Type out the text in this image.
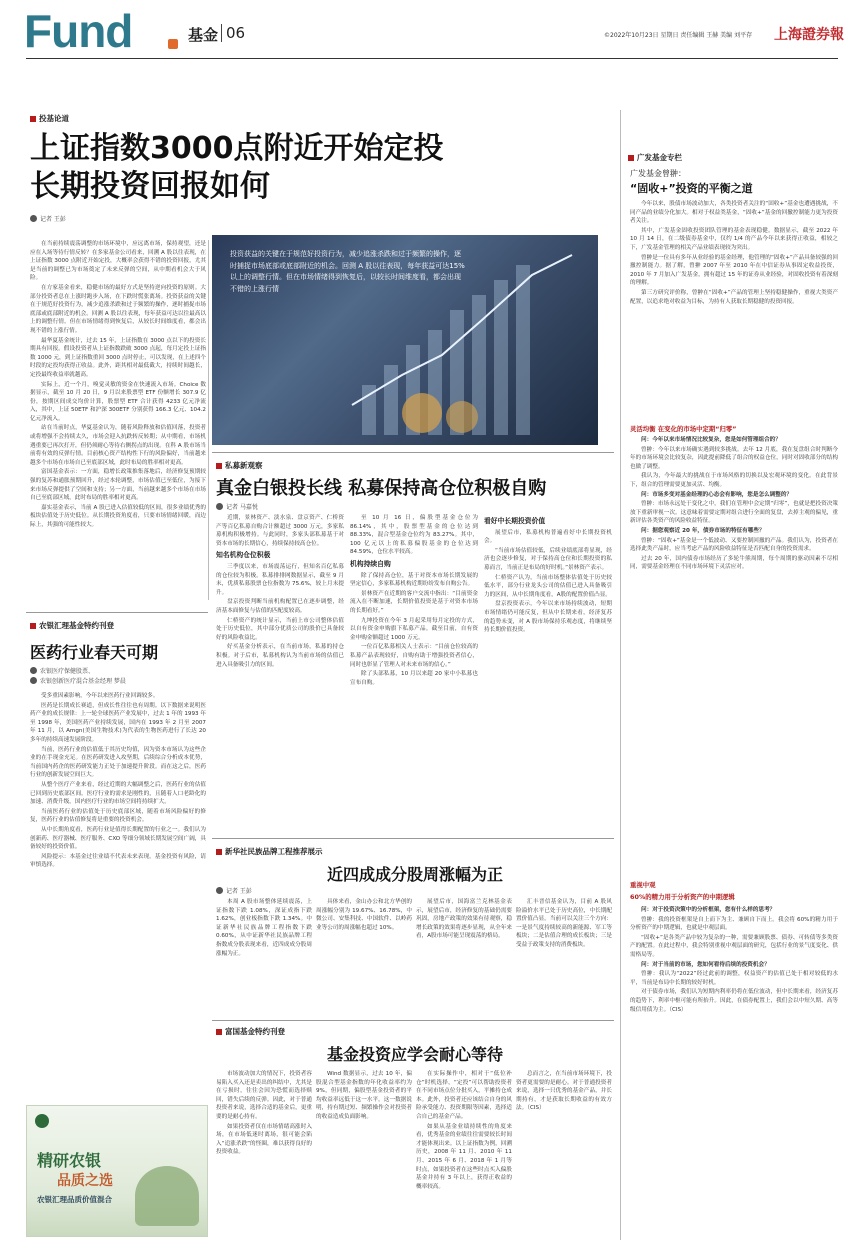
Fund	基金 06	©2022年10月23日 星期日 责任编辑 王赫 美编 刘平存 上海證券報
投基论道
上证指数3000点附近开始定投
长期投资回报如何
记者 王彭
投资获益的关键在于规范好投资行为，减少追涨杀跌和过于频繁的操作，逐时捕捉市场底部或底部附近的机会。回测 A 股以往表现，每年获益可达15%以上的调整行情。但在市场情绪得到恢复后，以较长时间维度看，都会出现不错的上涨行情

在当前持续震荡调整的市场环境中，应远离市场，保持观望，还是应在入场等待行情反转？在多家基金公司看来，回溯 A 股以往表现，在上证指数 3000 点附近开始定投，大概率会获得不错的投资回报，尤其是当前的调整已为市场奠定了未来反弹的空间，从中期看机会大于风险。

在方家基金看来，稳健市场的最好方式是坚持逆向投资的原则。大部分投资者总在上涨时跑步入场，在下跌时慌张离场。投资获益的关键在于规范好投资行为，减少追涨杀跌和过于频繁的操作，逐时捕捉市场底部或底部附近的机会。回测 A 股以往表现，每年获益可达以往最高以上的调整行情。但在市场情绪得到恢复后，从较长时间维度看，都会出现不错的上涨行情。

最华夏基金统计，过去 15 年，上证指数在 3000 点以下的投资长期具有回报。假设投资者从上证指数跌破 3000 点起，每月定投上证指数 1000 元，到上证指数重回 3000 点时停止，可以发现，在上述四个时段的定投均获得正收益。此外，距其相对最低截大，持续时间越长，定投最终收益率就越高。

实际上，近一个月，嗅觉灵敏的资金在快速流入市场。Choice 数据显示，截至 10 月 20 日，9 月以来股票型 ETF 份额增长 307.9 亿份，按期区间成交均价计算，股票型 ETF 合计获得 4233 亿元净流入，其中，上证 50ETF 和沪深 300ETF 分别获得 166.3 亿元、104.2 亿元净流入。

站在当前时点，华夏基金认为，随着风险释放和估值回落，投资者或将增强不会持续太久，市场会迎入抗跌转反转期；从中期看，市场机遇重要已再次打开，但仍须耐心等待右侧拐点的出现。在科 A 股市场当前将有效的反弹行情。目前核心资产结构性下行的风险偏好，当前越来越多个市场在市场自已至底部区域，此时布局的胜率相对更高。

富国基金表示：一方面，稳增长政策推集落地后，经济修复预期较强的复苏和通胀预期回升，经过本轮调整，市场估值已至低位，为接下来市场反弹提供了空间和支持；另一方面，当前越来越多个市场在市场自已至底部区域，此时布局的胜率相对更高。

嘉实基金表示，当前 A 股已进入估值较低的区间，很多业绩优秀的板块估值处于历史低位。从长期投资角度看，只要市场情绪回暖，而边际上，其强的可能性较大。

私募新观察
真金白银投长线 私募保持高仓位积极自购
记者 马嘉悦

近期，景林资产、淡水泉、盘京资产、仁桥资产等百亿私募自购合计额超过 3000 万元，多家私募机构积极增持。与此同时，多家头部私募基于对资本市场的长期信心，持续保持较高仓位。

知名机构仓位积极

三季度以来，市场震荡运行，但知名百亿私募的仓位较为积极。私募排排网数据显示，截至 9 月末，优质私募股票仓位指数为 75.6%，较上月末提升。

盘京投资判断当前机构配置已在逐步调整，经济基本面修复与估值的匹配度较高。

仁桥资产的统计显示，当前上市公司整体估值处于历史低位，其中部分优质公司的股价已具备较好的风险收益比。

好买基金分析表示，在当前市场，私募的持仓积极。对于后市，私募机构认为当前市场的估值已进入具备吸引力的区间。

至 10 月 16 日，偏股型基金仓位为 86.14%，其中，股票型基金的仓位达到 88.33%，混合型基金仓位约为 83.27%。其中，100 亿元以上的私募偏股基金的仓位达到 84.59%，仓位水平较高。

机构持续自购

除了保持高仓位，基于对资本市场长期发展的坚定信心，多家私募机构近期纷纷发布自购公告。

景林资产在近期的客户交流中指出：“目前资金流入在不断加速，长期价值投资是基于对资本市场的长期看好。”

九坤投资在今年 3 月起采用每月定投的方式，以自有资金申购旗下私募产品。截至目前，自有资金申购金额超过 1000 万元。

一位百亿私募相关人士表示：“目前仓位较高的私募产品表现较好，自购有助于增强投资者信心，同时也彰显了管理人对未来市场的信心。”

除了头部私募，10 月以来超 20 家中小私募也宣布自购。

看好中长期投资价值

展望后市，私募机构普遍看好中长期投资机会。

“当前市场估值较低，后续业绩底部将显现，经济也会逐步修复，对于保持高仓位和长期投资的私募而言，当前正是布局的好时机。”景林资产表示。

仁桥资产认为，当前市场整体估值处于历史较低水平，部分行业龙头公司的估值已进入具备吸引力的区间，从中长期角度看，A股的配置价值凸显。

盘京投资表示，今年以来市场持续波动，短期市场情绪仍可能反复，但从中长期来看，经济复苏的趋势未变，对 A 股市场保持乐观态度，将继续坚持长期价值投资。

农银汇理基金特约刊登
医药行业春天可期
农银医疗保健股票、
农银创新医疗混合基金经理 梦晨

受多重因素影响，今年以来医药行业回调较多。

医药是长期成长赛道，但成长性往往也有周期。以下数据来说明医药产业的成长规律：上一轮全球医药产业发展中，过去 1 年的 1993 年至 1998 年，美国医药产业持续发展，国内在 1993 年 2 月至 2007 年 11 月，以 Amgn(美国生物技术)为代表的生物医药进行了长达 20 多年的持续高速发展阶段。

当前，医药行业的估值低于其历史均值，因为资本市场认为这些企业的在手现金充足。在医药研发进入攻坚期，后续综合分析成本优势，当前国内药企的医药研发能力正处于加速提升阶段。而在这之后，医药行业的创新发展空间巨大。

从整个医疗产业来看，经过近期的大幅调整之后，医药行业的估值已回到历史底部区间。医疗行业的需求是刚性的，且随着人口老龄化的加速、消费升级，国内医疗行业的市场空间将持续扩大。

当前医药行业的估值处于历史底部区域，随着市场风险偏好的修复，医药行业的估值修复将是重要的投资机会。

从中长期角度看，医药行业是值得长期配置的行业之一。我们认为创新药、医疗器械、医疗服务、CXO 等细分领域长期发展空间广阔，具备较好的投资价值。

风险提示：本基金过往业绩不代表未来表现。基金投资有风险，请审慎选择。

精研农银
品质之选
农银汇理品质价值混合
新华社民族品牌工程推荐展示
近四成成分股周涨幅为正
记者 王彭

本周 A 股市场整体延续震荡，上证指数下跌 1.08%，深证成指下跌 1.62%，创业板指数下跌 1.34%。中证新华社民族品牌工程指数下跌 0.60%，从中证新华社民族品牌工程指数成分股表现来看，近四成成分股周涨幅为正。

具体来看，金山办公和北方华创的周涨幅分别为 19.67%、16.78%，中微公司、安集科技、中国软件、以岭药业等公司的周涨幅也超过 10%。

展望后市，国海富兰克林基金表示，展望后市，经济修复的基础仍需要巩固，房地产政策的效果有待观察，稳增长政策的效果将逐步显现，从全年来看，A股市场可能呈现震荡的格局。

汇丰晋信基金认为，目前 A 股风险溢价水平已处于历史高位，中长期配置价值凸显。当前可以关注三个方向：一是景气度持续较高的新能源、军工等板块；二是估值合理的成长板块；三是受益于政策支持的消费板块。

富国基金特约刊登
基金投资应学会耐心等待

市场波动加大的情况下，投资者容易陷入买入还是卖出的纠结中，尤其是在亏损时，往往会因为恐慌而选择赎回，错失后续的反弹。因此，对于普通投资者来说，选择合适的基金后，更重要的是耐心持有。

如果投资者仅在市场情绪高涨时入场，在市场低迷时离场，很可能会陷入“追涨杀跌”的怪圈，难以获得良好的投资收益。

Wind 数据显示，过去 10 年，偏股混合型基金指数的年化收益率约为 9%，但同期，偏股型基金投资者的平均收益率远低于这一水平。这一数据说明，持有期过短、频繁操作会对投资者的收益造成负面影响。

在实际操作中，相对于“低位补仓”时机选择，“定投”可以帮助投资者在不同市场点位分批买入，平摊持仓成本。此外，投资者还应该结合自身的风险承受能力、投资期限等因素，选择适合自己的基金产品。

如果从基金业绩持续性的角度来看，优秀基金的业绩往往需要较长时间才能体现出来。以上证指数为例，回溯历史，2008 年 11 月、2010 年 11 月、2015 年 6 月、2018 年 1 月等时点，如果投资者在这些时点买入偏股基金并持有 3 年以上，获得正收益的概率较高。

总而言之，在当前市场环境下，投资者更需要的是耐心。对于普通投资者来说，选择一只优秀的基金产品，并长期持有，才是获取长期收益的有效方法。（CIS）

广发基金专栏
广发基金曾翀：
“固收+”投资的平衡之道

今年以来，股债市场波动加大，各类投资者关注的“固收+”基金也遭遇挑战，不同产品的业绩分化加大。相对于权益类基金，“固收+”基金的回撤控制能力更为投资者关注。

其中，广发基金固收投资团队管理的基金表现稳健。数据显示，截至 2022 年 10 月 14 日，在二级债券基金中，仅约 1/4 的产品今年以来获得正收益，相较之下，广发基金管理的相关产品业绩表现较为突出。

曾翀是一位具有多年从业经验的基金经理，他管理的“固收+”产品具备较强的回撤控制能力。据了解，曾翀 2007 年至 2010 年在中信证券从事固定收益投资，2010 年 7 月加入广发基金，拥有超过 15 年的证券从业经验，对固收投资有着深刻的理解。

第三方研究评价称，曾翀在“固收+”产品的管理上坚持稳健操作，重视大类资产配置，以追求绝对收益为目标，为持有人获取长期稳健的投资回报。

灵活均衡 在变化的市场中定期“归零”

问：今年以来市场情况比较复杂，您是如何管理组合的？

曾翀：今年以来市场确实遇到较多挑战。去年 12 月底，我在复盘组合时判断今年的市场环境会比较复杂，因此提前降低了组合的权益仓位，同时对固收部分的结构也做了调整。

我认为，今年最大的挑战在于市场风格的切换以及宏观环境的变化。在此背景下，组合的管理需要更加灵活、均衡。

问：市场多变对基金经理的心态会有影响，您是怎么调整的？

曾翀：市场永远处于变化之中，我们在管理中会定期“归零”，也就是把投资决策放下重新审视一次。这意味着需要定期对组合进行全面的复盘，去掉主观的偏见，重新评估各类资产的风险收益特征。

问：据您观察近 20 年，债券市场的特征有哪些？

曾翀：“固收+”基金是一个低波动、又要控制回撤的产品。我们认为，投资者在选择此类产品时，应当考虑产品的风险收益特征是否匹配自身的投资需求。

过去 20 年，国内债券市场经历了多轮牛熊周期，每个周期的驱动因素不尽相同，需要基金经理在不同市场环境下灵活应对。

重视中观
60%的精力用于分析资产的中期逻辑

问：对于投资决策中的分析框架，您有什么样的思考？

曾翀：我的投资框架是自上而下为主、兼顾自下而上。我会将 60%的精力用于分析资产的中期逻辑，也就是中观层面。

“固收+”是各类产品中较为复杂的一种，需要兼顾股票、债券、可转债等多类资产的配置。在此过程中，我会特别重视中观层面的研究，包括行业的景气度变化、供需格局等。

问：对于当前的市场，您如何看待后续的投资机会？

曾翀：我认为“2022”经过此前的调整，权益资产的估值已处于相对较低的水平，当前是布局中长期的较好时机。

对于债券市场，我们认为短期内利率仍将在低位波动，但中长期来看，经济复苏的趋势下，利率中枢可能有所抬升。因此，在债券配置上，我们会以中短久期、高等级信用债为主。（CIS）
